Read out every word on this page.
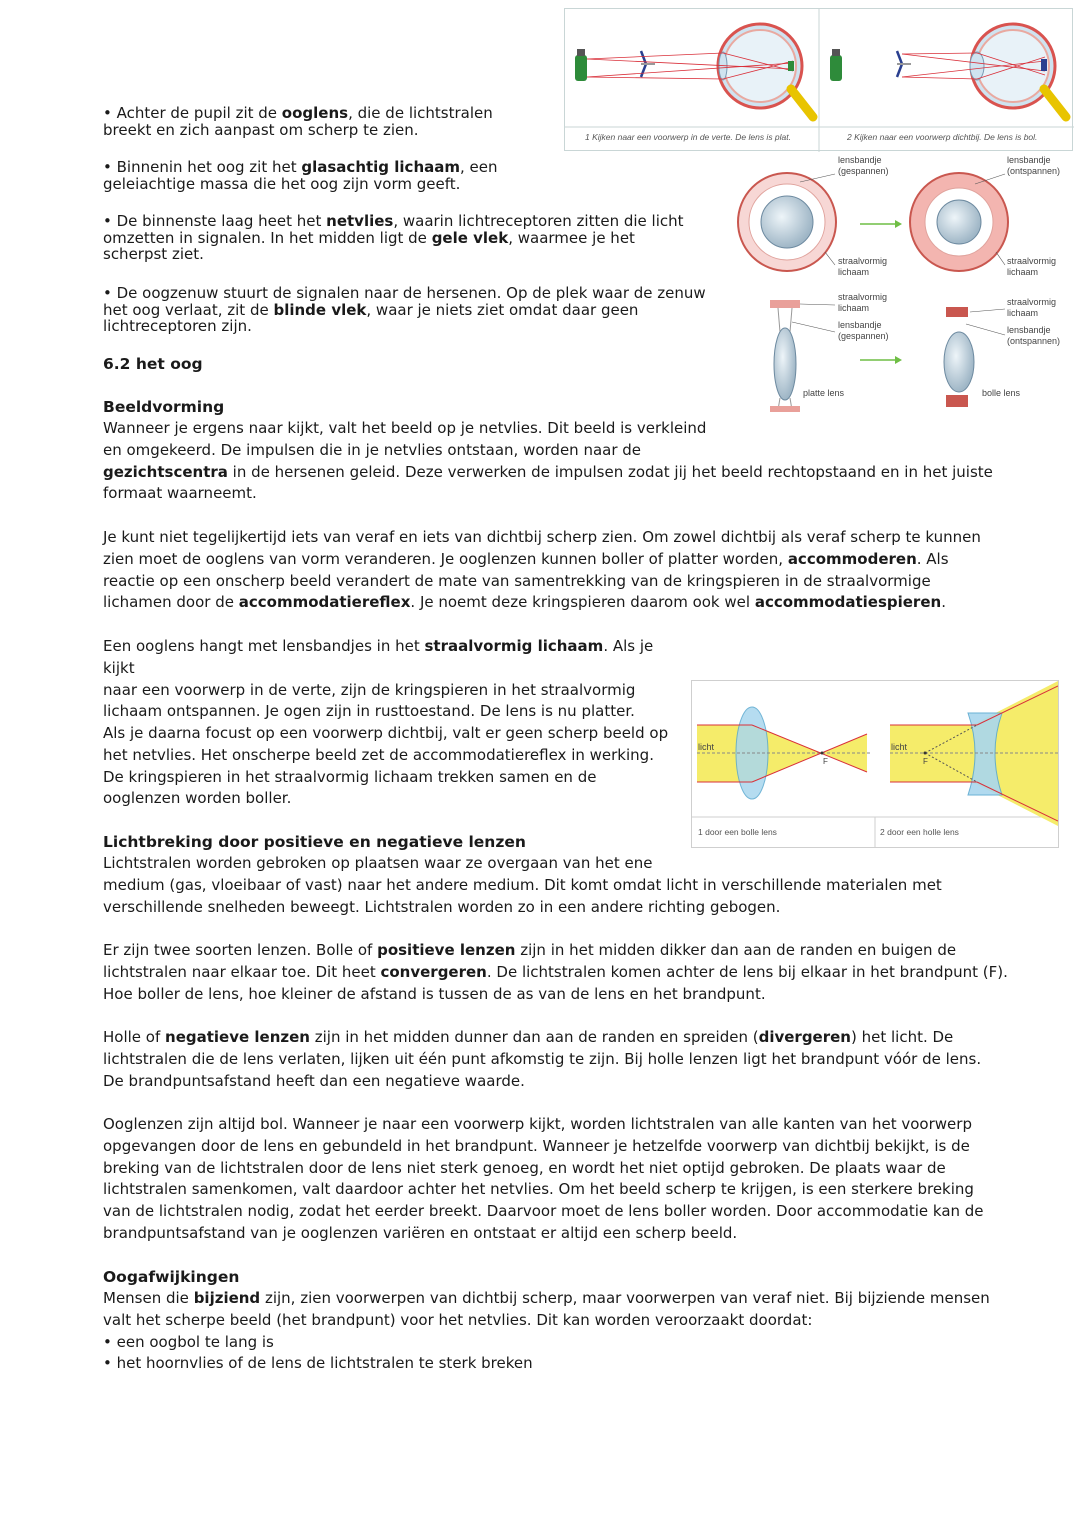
• Achter de pupil zit de ooglens, die de lichtstralen breekt en zich aanpast om scherp te zien.
• Binnenin het oog zit het glasachtig lichaam, een geleiachtige massa die het oog zijn vorm geeft.
• De binnenste laag heet het netvlies, waarin lichtreceptoren zitten die licht omzetten in signalen. In het midden ligt de gele vlek, waarmee je het scherpst ziet.
• De oogzenuw stuurt de signalen naar de hersenen. Op de plek waar de zenuw het oog verlaat, zit de blinde vlek, waar je niets ziet omdat daar geen lichtreceptoren zijn.
6.2 het oog
Beeldvorming
Wanneer je ergens naar kijkt, valt het beeld op je netvlies. Dit beeld is verkleind
en omgekeerd. De impulsen die in je netvlies ontstaan, worden naar de
gezichtscentra in de hersenen geleid. Deze verwerken de impulsen zodat jij het beeld rechtopstaand en in het juiste
formaat waarneemt.
Je kunt niet tegelijkertijd iets van veraf en iets van dichtbij scherp zien. Om zowel dichtbij als veraf scherp te kunnen
zien moet de ooglens van vorm veranderen. Je ooglenzen kunnen boller of platter worden, accommoderen. Als
reactie op een onscherp beeld verandert de mate van samentrekking van de kringspieren in de straalvormige
lichamen door de accommodatiereflex. Je noemt deze kringspieren daarom ook wel accommodatiespieren.
Een ooglens hangt met lensbandjes in het straalvormig lichaam. Als je kijkt
naar een voorwerp in de verte, zijn de kringspieren in het straalvormig
lichaam ontspannen. Je ogen zijn in rusttoestand. De lens is nu platter.
Als je daarna focust op een voorwerp dichtbij, valt er geen scherp beeld op
het netvlies. Het onscherpe beeld zet de accommodatiereflex in werking.
De kringspieren in het straalvormig lichaam trekken samen en de
ooglenzen worden boller.
Lichtbreking door positieve en negatieve lenzen
Lichtstralen worden gebroken op plaatsen waar ze overgaan van het ene
medium (gas, vloeibaar of vast) naar het andere medium. Dit komt omdat licht in verschillende materialen met
verschillende snelheden beweegt. Lichtstralen worden zo in een andere richting gebogen.
Er zijn twee soorten lenzen. Bolle of positieve lenzen zijn in het midden dikker dan aan de randen en buigen de
lichtstralen naar elkaar toe. Dit heet convergeren. De lichtstralen komen achter de lens bij elkaar in het brandpunt (F).
Hoe boller de lens, hoe kleiner de afstand is tussen de as van de lens en het brandpunt.
Holle of negatieve lenzen zijn in het midden dunner dan aan de randen en spreiden (divergeren) het licht. De
lichtstralen die de lens verlaten, lijken uit één punt afkomstig te zijn. Bij holle lenzen ligt het brandpunt vóór de lens.
De brandpuntsafstand heeft dan een negatieve waarde.
Ooglenzen zijn altijd bol. Wanneer je naar een voorwerp kijkt, worden lichtstralen van alle kanten van het voorwerp
opgevangen door de lens en gebundeld in het brandpunt. Wanneer je hetzelfde voorwerp van dichtbij bekijkt, is de
breking van de lichtstralen door de lens niet sterk genoeg, en wordt het niet optijd gebroken. De plaats waar de
lichtstralen samenkomen, valt daardoor achter het netvlies. Om het beeld scherp te krijgen, is een sterkere breking
van de lichtstralen nodig, zodat het eerder breekt. Daarvoor moet de lens boller worden. Door accommodatie kan de
brandpuntsafstand van je ooglenzen variëren en ontstaat er altijd een scherp beeld.
Oogafwijkingen
Mensen die bijziend zijn, zien voorwerpen van dichtbij scherp, maar voorwerpen van veraf niet. Bij bijziende mensen
valt het scherpe beeld (het brandpunt) voor het netvlies. Dit kan worden veroorzaakt doordat:
• een oogbol te lang is
• het hoornvlies of de lens de lichtstralen te sterk breken
1 Kijken naar een voorwerp in de verte. De lens is plat.	2 Kijken naar een voorwerp dichtbij. De lens is bol.
lensbandje
(gespannen)
lensbandje
(ontspannen)
straalvormig
lichaam
straalvormig
lichaam
straalvormig
lichaam
lensbandje
(gespannen)
straalvormig
lichaam
lensbandje
(ontspannen)
platte lens	bolle lens
licht	licht
F	F
1 door een bolle lens	2 door een holle lens
